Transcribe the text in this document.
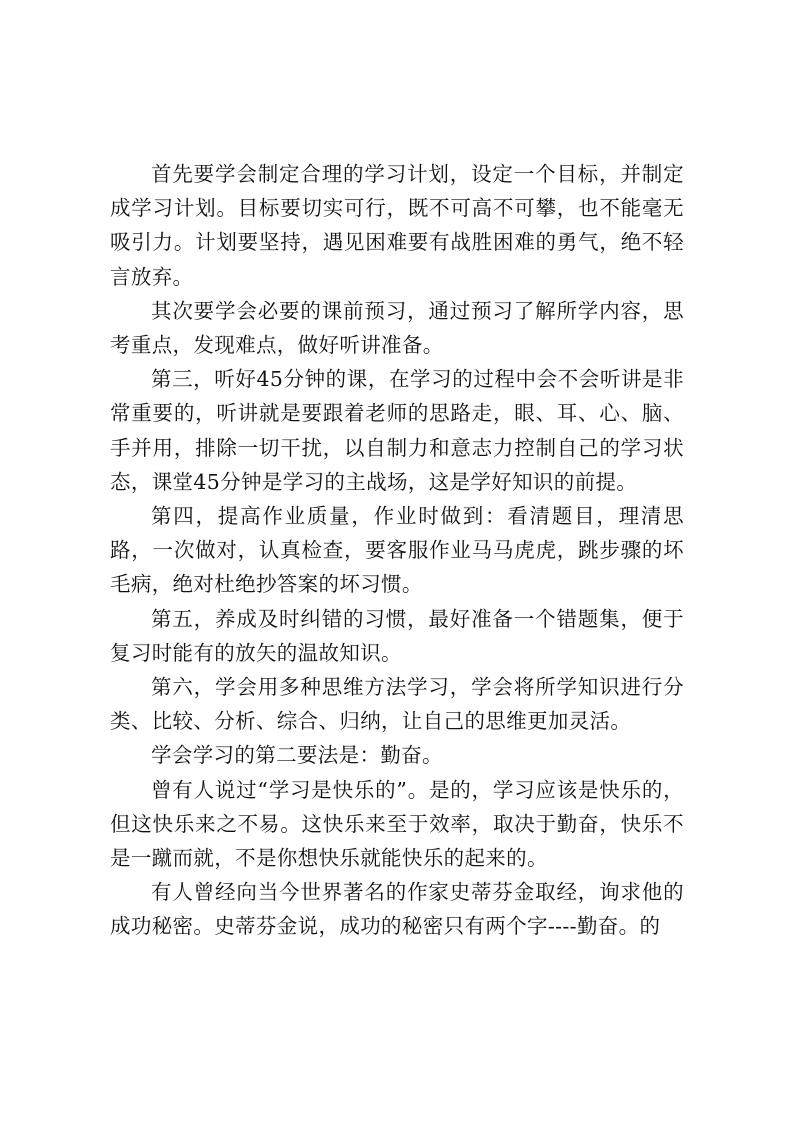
首先要学会制定合理的学习计划，设定一个目标，并制定成学习计划。目标要切实可行，既不可高不可攀，也不能毫无吸引力。计划要坚持，遇见困难要有战胜困难的勇气，绝不轻言放弃。

其次要学会必要的课前预习，通过预习了解所学内容，思考重点，发现难点，做好听讲准备。

第三，听好45分钟的课，在学习的过程中会不会听讲是非常重要的，听讲就是要跟着老师的思路走，眼、耳、心、脑、手并用，排除一切干扰，以自制力和意志力控制自己的学习状态，课堂45分钟是学习的主战场，这是学好知识的前提。

第四，提高作业质量，作业时做到：看清题目，理清思路，一次做对，认真检查，要客服作业马马虎虎，跳步骤的坏毛病，绝对杜绝抄答案的坏习惯。

第五，养成及时纠错的习惯，最好准备一个错题集，便于复习时能有的放矢的温故知识。

第六，学会用多种思维方法学习，学会将所学知识进行分类、比较、分析、综合、归纳，让自己的思维更加灵活。

学会学习的第二要法是：勤奋。

曾有人说过“学习是快乐的”。是的，学习应该是快乐的，但这快乐来之不易。这快乐来至于效率，取决于勤奋，快乐不是一蹴而就，不是你想快乐就能快乐的起来的。

有人曾经向当今世界著名的作家史蒂芬金取经，询求他的成功秘密。史蒂芬金说，成功的秘密只有两个字----勤奋。的
